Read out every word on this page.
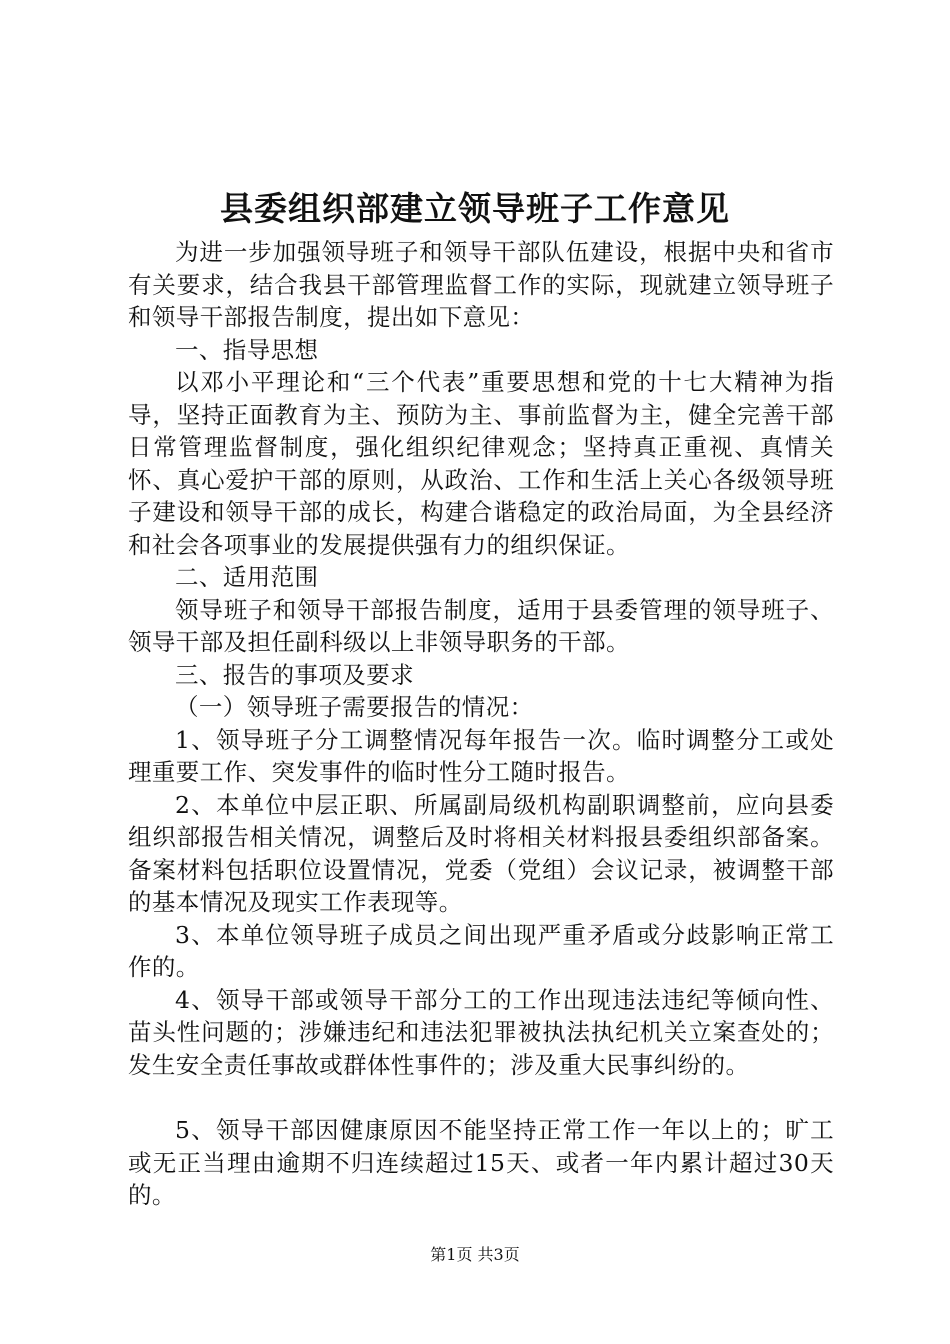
县委组织部建立领导班子工作意见

为进一步加强领导班子和领导干部队伍建设，根据中央和省市有关要求，结合我县干部管理监督工作的实际，现就建立领导班子和领导干部报告制度，提出如下意见：

一、指导思想

以邓小平理论和“三个代表”重要思想和党的十七大精神为指导，坚持正面教育为主、预防为主、事前监督为主，健全完善干部日常管理监督制度，强化组织纪律观念；坚持真正重视、真情关怀、真心爱护干部的原则，从政治、工作和生活上关心各级领导班子建设和领导干部的成长，构建合谐稳定的政治局面，为全县经济和社会各项事业的发展提供强有力的组织保证。

二、适用范围

领导班子和领导干部报告制度，适用于县委管理的领导班子、领导干部及担任副科级以上非领导职务的干部。

三、报告的事项及要求

（一）领导班子需要报告的情况：

1、领导班子分工调整情况每年报告一次。临时调整分工或处理重要工作、突发事件的临时性分工随时报告。

2、本单位中层正职、所属副局级机构副职调整前，应向县委组织部报告相关情况，调整后及时将相关材料报县委组织部备案。备案材料包括职位设置情况，党委（党组）会议记录，被调整干部的基本情况及现实工作表现等。

3、本单位领导班子成员之间出现严重矛盾或分歧影响正常工作的。

4、领导干部或领导干部分工的工作出现违法违纪等倾向性、苗头性问题的；涉嫌违纪和违法犯罪被执法执纪机关立案查处的；发生安全责任事故或群体性事件的；涉及重大民事纠纷的。

5、领导干部因健康原因不能坚持正常工作一年以上的；旷工或无正当理由逾期不归连续超过15天、或者一年内累计超过30天的。

第1页 共3页
